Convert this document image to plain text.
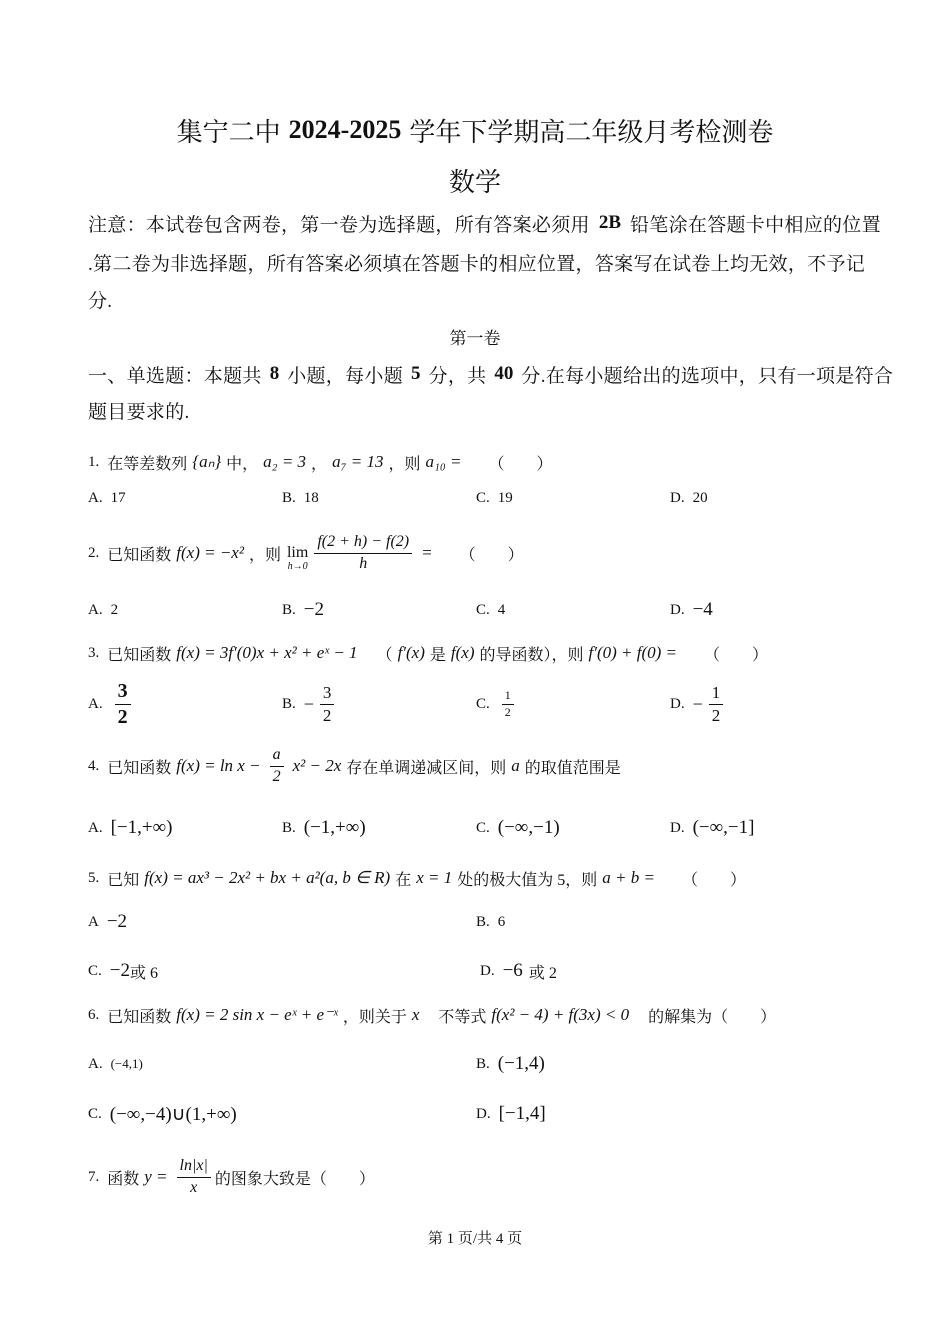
集宁二中 2024-2025 学年下学期高二年级月考检测卷
数学
注意：本试卷包含两卷，第一卷为选择题，所有答案必须用 2B 铅笔涂在答题卡中相应的位置
.第二卷为非选择题，所有答案必须填在答题卡的相应位置，答案写在试卷上均无效，不予记
分.
第一卷
一、单选题：本题共 8 小题，每小题 5 分，共 40 分.在每小题给出的选项中，只有一项是符合
题目要求的.
1. 在等差数列 {aₙ} 中， a₂ = 3 ， a₇ = 13 ，则 a₁₀ = （　　）
A. 17	B. 18	C. 19	D. 20
2. 已知函数 f(x) = −x² ，则 lim
$h\to 0 \frac{f(2 + h) - f(2)}{h}$ = （　　）
A. 2	B. −2	C. 4	D. −4
3. 已知函数 f(x) = 3f′(0)x + x² + eˣ − 1 （ f′(x) 是 f(x) 的导函数），则 f′(0) + f(0) = （　　）
A. $\frac{3}{2}$	B. − $\frac{3}{2}$	C. $\frac{1}{2}$	D. − $\frac{1}{2}$
4. 已知函数 $f(x) = \ln x - \frac{a}{2} x^2 - 2x$ 存在单调递减区间，则 a 的取值范围是
A. [−1,+∞)	B. (−1,+∞)	C. (−∞,−1)	D. (−∞,−1]
5. 已知 f(x) = ax³ − 2x² + bx + a²(a, b ∈ R) 在 x = 1 处的极大值为 5，则 a + b = （　　）
A −2	B. 6
C. −2 或 6	D. −6 或 2
6. 已知函数 f(x) = 2 sin x − eˣ + e⁻ˣ ，则关于 x 不等式 f(x² − 4) + f(3x) < 0 的解集为（　　）
A. (−4,1)	B. (−1,4)
C. (−∞,−4)∪(1,+∞)	D. [−1,4]
7. 函数 $y = \frac{\ln|x|}{x}$ 的图象大致是（　　）
第 1 页/共 4 页
